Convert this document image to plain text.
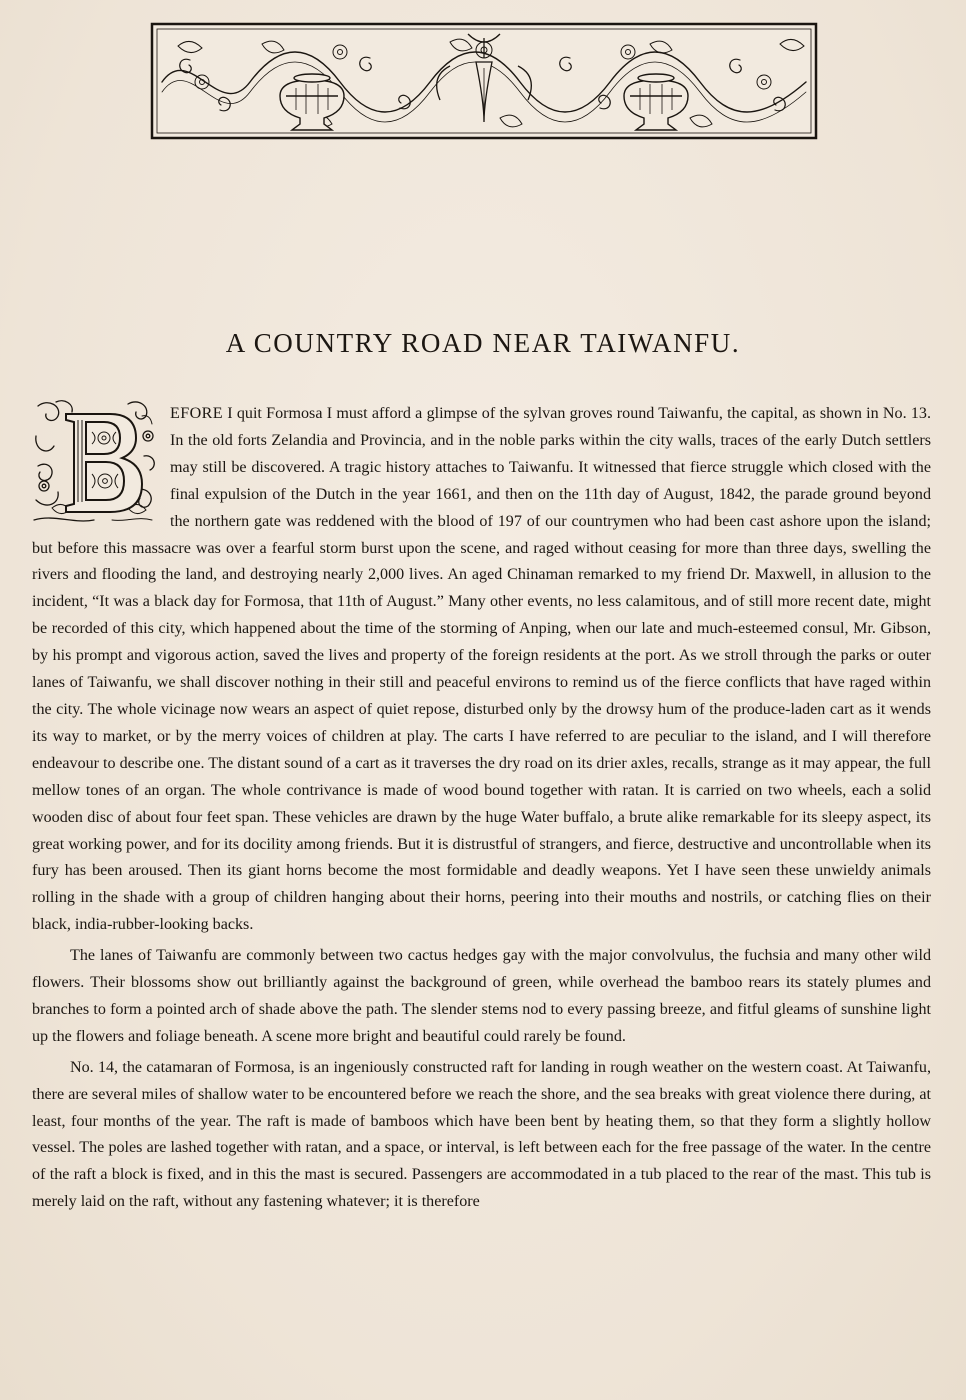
A COUNTRY ROAD NEAR TAIWANFU.

EFORE I quit Formosa I must afford a glimpse of the sylvan groves round Taiwanfu, the capital, as shown in No. 13. In the old forts Zelandia and Provincia, and in the noble parks within the city walls, traces of the early Dutch settlers may still be discovered. A tragic history attaches to Taiwanfu. It witnessed that fierce struggle which closed with the final expulsion of the Dutch in the year 1661, and then on the 11th day of August, 1842, the parade ground beyond the northern gate was reddened with the blood of 197 of our countrymen who had been cast ashore upon the island; but before this massacre was over a fearful storm burst upon the scene, and raged without ceasing for more than three days, swelling the rivers and flooding the land, and destroying nearly 2,000 lives. An aged Chinaman remarked to my friend Dr. Maxwell, in allusion to the incident, “It was a black day for Formosa, that 11th of August.” Many other events, no less calamitous, and of still more recent date, might be recorded of this city, which happened about the time of the storming of Anping, when our late and much-esteemed consul, Mr. Gibson, by his prompt and vigorous action, saved the lives and property of the foreign residents at the port. As we stroll through the parks or outer lanes of Taiwanfu, we shall discover nothing in their still and peaceful environs to remind us of the fierce conflicts that have raged within the city. The whole vicinage now wears an aspect of quiet repose, disturbed only by the drowsy hum of the produce-laden cart as it wends its way to market, or by the merry voices of children at play. The carts I have referred to are peculiar to the island, and I will therefore endeavour to describe one. The distant sound of a cart as it traverses the dry road on its drier axles, recalls, strange as it may appear, the full mellow tones of an organ. The whole contrivance is made of wood bound together with ratan. It is carried on two wheels, each a solid wooden disc of about four feet span. These vehicles are drawn by the huge Water buffalo, a brute alike remarkable for its sleepy aspect, its great working power, and for its docility among friends. But it is distrustful of strangers, and fierce, destructive and uncontrollable when its fury has been aroused. Then its giant horns become the most formidable and deadly weapons. Yet I have seen these unwieldy animals rolling in the shade with a group of children hanging about their horns, peering into their mouths and nostrils, or catching flies on their black, india-rubber-looking backs.

The lanes of Taiwanfu are commonly between two cactus hedges gay with the major convolvulus, the fuchsia and many other wild flowers. Their blossoms show out brilliantly against the background of green, while overhead the bamboo rears its stately plumes and branches to form a pointed arch of shade above the path. The slender stems nod to every passing breeze, and fitful gleams of sunshine light up the flowers and foliage beneath. A scene more bright and beautiful could rarely be found.

No. 14, the catamaran of Formosa, is an ingeniously constructed raft for landing in rough weather on the western coast. At Taiwanfu, there are several miles of shallow water to be encountered before we reach the shore, and the sea breaks with great violence there during, at least, four months of the year. The raft is made of bamboos which have been bent by heating them, so that they form a slightly hollow vessel. The poles are lashed together with ratan, and a space, or interval, is left between each for the free passage of the water. In the centre of the raft a block is fixed, and in this the mast is secured. Passengers are accommodated in a tub placed to the rear of the mast. This tub is merely laid on the raft, without any fastening whatever; it is therefore
